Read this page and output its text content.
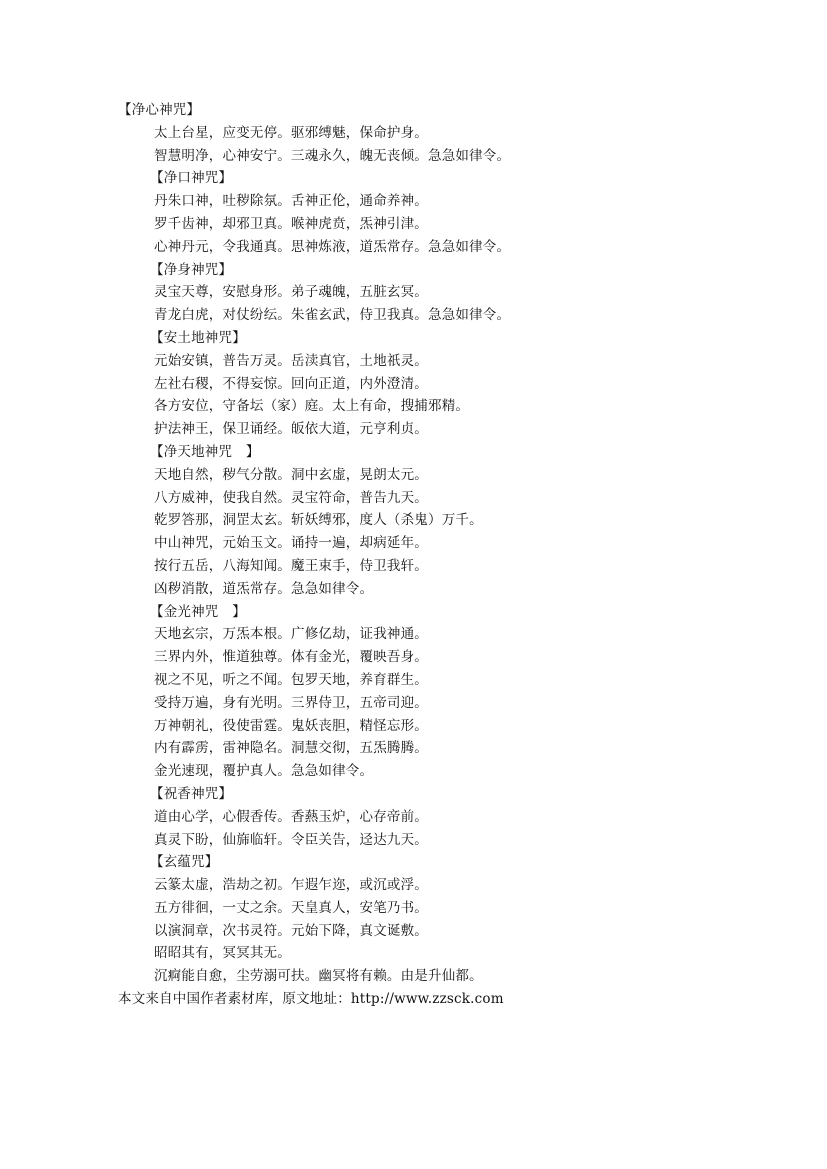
【净心神咒】
太上台星，应变无停。驱邪缚魅，保命护身。
智慧明净，心神安宁。三魂永久，魄无丧倾。急急如律令。
【净口神咒】
丹朱口神，吐秽除氛。舌神正伦，通命养神。
罗千齿神，却邪卫真。喉神虎贲，炁神引津。
心神丹元，令我通真。思神炼液，道炁常存。急急如律令。
【净身神咒】
灵宝天尊，安慰身形。弟子魂魄，五脏玄冥。
青龙白虎，对仗纷纭。朱雀玄武，侍卫我真。急急如律令。
【安土地神咒】
元始安镇，普告万灵。岳渎真官，土地祇灵。
左社右稷，不得妄惊。回向正道，内外澄清。
各方安位，守备坛（家）庭。太上有命，搜捕邪精。
护法神王，保卫诵经。皈依大道，元亨利贞。
【净天地神咒　】
天地自然，秽气分散。洞中玄虚，晃朗太元。
八方威神，使我自然。灵宝符命，普告九天。
乾罗答那，洞罡太玄。斩妖缚邪，度人（杀鬼）万千。
中山神咒，元始玉文。诵持一遍，却病延年。
按行五岳，八海知闻。魔王束手，侍卫我轩。
凶秽消散，道炁常存。急急如律令。
【金光神咒　】
天地玄宗，万炁本根。广修亿劫，证我神通。
三界内外，惟道独尊。体有金光，覆映吾身。
视之不见，听之不闻。包罗天地，养育群生。
受持万遍，身有光明。三界侍卫，五帝司迎。
万神朝礼，役使雷霆。鬼妖丧胆，精怪忘形。
内有霹雳，雷神隐名。洞慧交彻，五炁腾腾。
金光速现，覆护真人。急急如律令。
【祝香神咒】
道由心学，心假香传。香爇玉炉，心存帝前。
真灵下盼，仙旆临轩。令臣关告，迳达九天。
【玄蕴咒】
云篆太虚，浩劫之初。乍遐乍迩，或沉或浮。
五方徘徊，一丈之余。天皇真人，安笔乃书。
以演洞章，次书灵符。元始下降，真文诞敷。
昭昭其有，冥冥其无。
沉痾能自愈，尘劳溺可扶。幽冥将有赖。由是升仙都。
本文来自中国作者素材库，原文地址：http://www.zzsck.com
